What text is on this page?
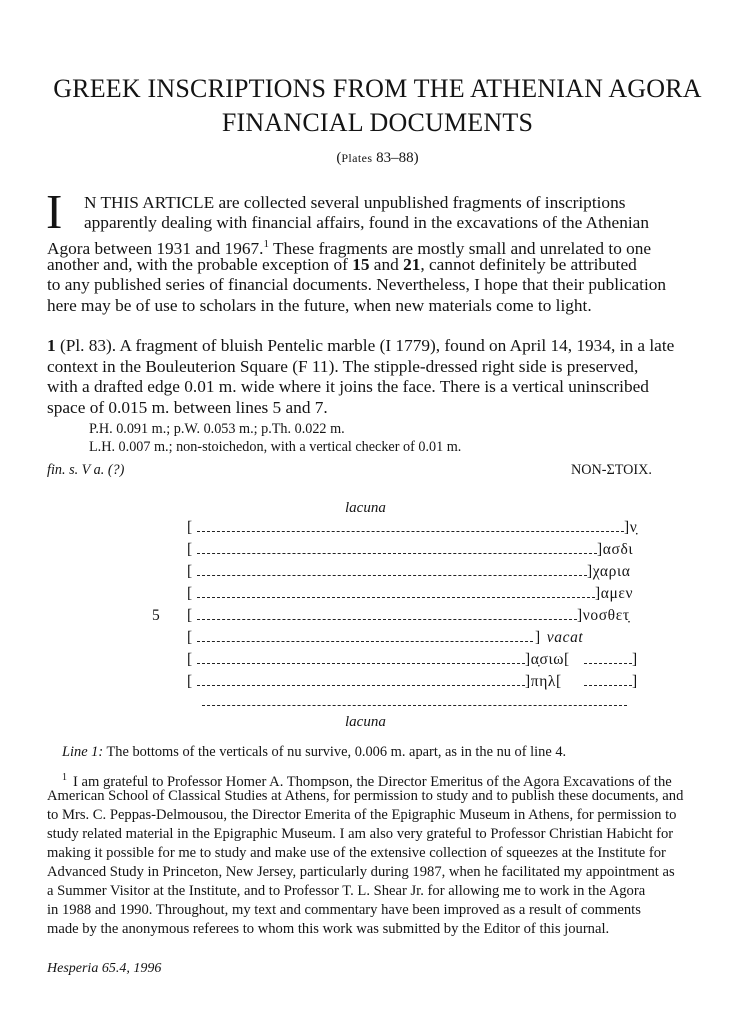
GREEK INSCRIPTIONS FROM THE ATHENIAN AGORA
FINANCIAL DOCUMENTS
(Plates 83–88)
I N THIS ARTICLE are collected several unpublished fragments of inscriptions
apparently dealing with financial affairs, found in the excavations of the Athenian
Agora between 1931 and 1967.$^1$ These fragments are mostly small and unrelated to one
another and, with the probable exception of 15 and 21, cannot definitely be attributed
to any published series of financial documents. Nevertheless, I hope that their publication
here may be of use to scholars in the future, when new materials come to light.
1 (Pl. 83). A fragment of bluish Pentelic marble (I 1779), found on April 14, 1934, in a late
context in the Bouleuterion Square (F 11). The stipple-dressed right side is preserved,
with a drafted edge 0.01 m. wide where it joins the face. There is a vertical uninscribed
space of 0.015 m. between lines 5 and 7.
P.H. 0.091 m.; p.W. 0.053 m.; p.Th. 0.022 m.
L.H. 0.007 m.; non-stoichedon, with a vertical checker of 0.01 m.
fin. s. V a. (?)	NON-ΣΤΟΙΧ.
lacuna
[	]ν̣
[	]ασδι
[	]χαρια
[	]αμεν
5 [	]νοσθετ̣
[	] vacat
[	]α̣σιω[	]
[	]πηλ[	]
lacuna
Line 1: The bottoms of the verticals of nu survive, 0.006 m. apart, as in the nu of line 4.
$^1$ I am grateful to Professor Homer A. Thompson, the Director Emeritus of the Agora Excavations of the
American School of Classical Studies at Athens, for permission to study and to publish these documents, and
to Mrs. C. Peppas-Delmousou, the Director Emerita of the Epigraphic Museum in Athens, for permission to
study related material in the Epigraphic Museum. I am also very grateful to Professor Christian Habicht for
making it possible for me to study and make use of the extensive collection of squeezes at the Institute for
Advanced Study in Princeton, New Jersey, particularly during 1987, when he facilitated my appointment as
a Summer Visitor at the Institute, and to Professor T. L. Shear Jr. for allowing me to work in the Agora
in 1988 and 1990. Throughout, my text and commentary have been improved as a result of comments
made by the anonymous referees to whom this work was submitted by the Editor of this journal.
Hesperia 65.4, 1996
